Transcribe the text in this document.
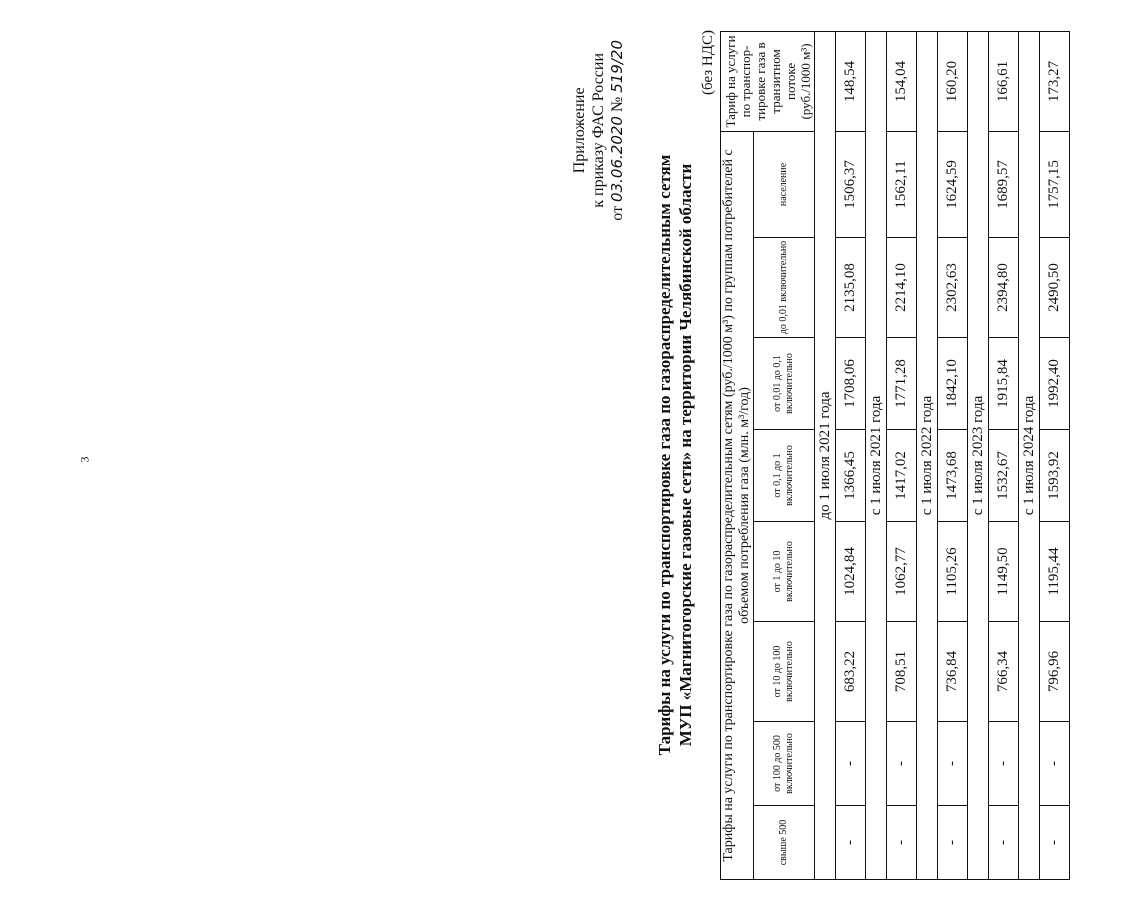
3
Приложение к приказу ФАС России
от 03.06.2020 № 519/20
Тарифы на услуги по транспортировке газа по газораспределительным сетям МУП «Магнитогорские газовые сети» на территории Челябинской области
(без НДС)
Тарифы на услуги по транспортировке газа по газораспределительным сетям (руб./1000 м³) по группам потребителей с объемом потребления газа (млн. м³/год)								Тариф на услуги по транспор-тировке газа в транзитном потоке (руб./1000 м³)
свыше 500	от 100 до 500 включительно	от 10 до 100 включительно	от 1 до 10 включительно	от 0,1 до 1 включительно	от 0,01 до 0,1 включительно	до 0,01 включительно	население	
до 1 июля 2021 года								
-	-	683,22	1024,84	1366,45	1708,06	2135,08	1506,37	148,54
с 1 июля 2021 года								
-	-	708,51	1062,77	1417,02	1771,28	2214,10	1562,11	154,04
с 1 июля 2022 года								
-	-	736,84	1105,26	1473,68	1842,10	2302,63	1624,59	160,20
с 1 июля 2023 года								
-	-	766,34	1149,50	1532,67	1915,84	2394,80	1689,57	166,61
с 1 июля 2024 года								
-	-	796,96	1195,44	1593,92	1992,40	2490,50	1757,15	173,27
